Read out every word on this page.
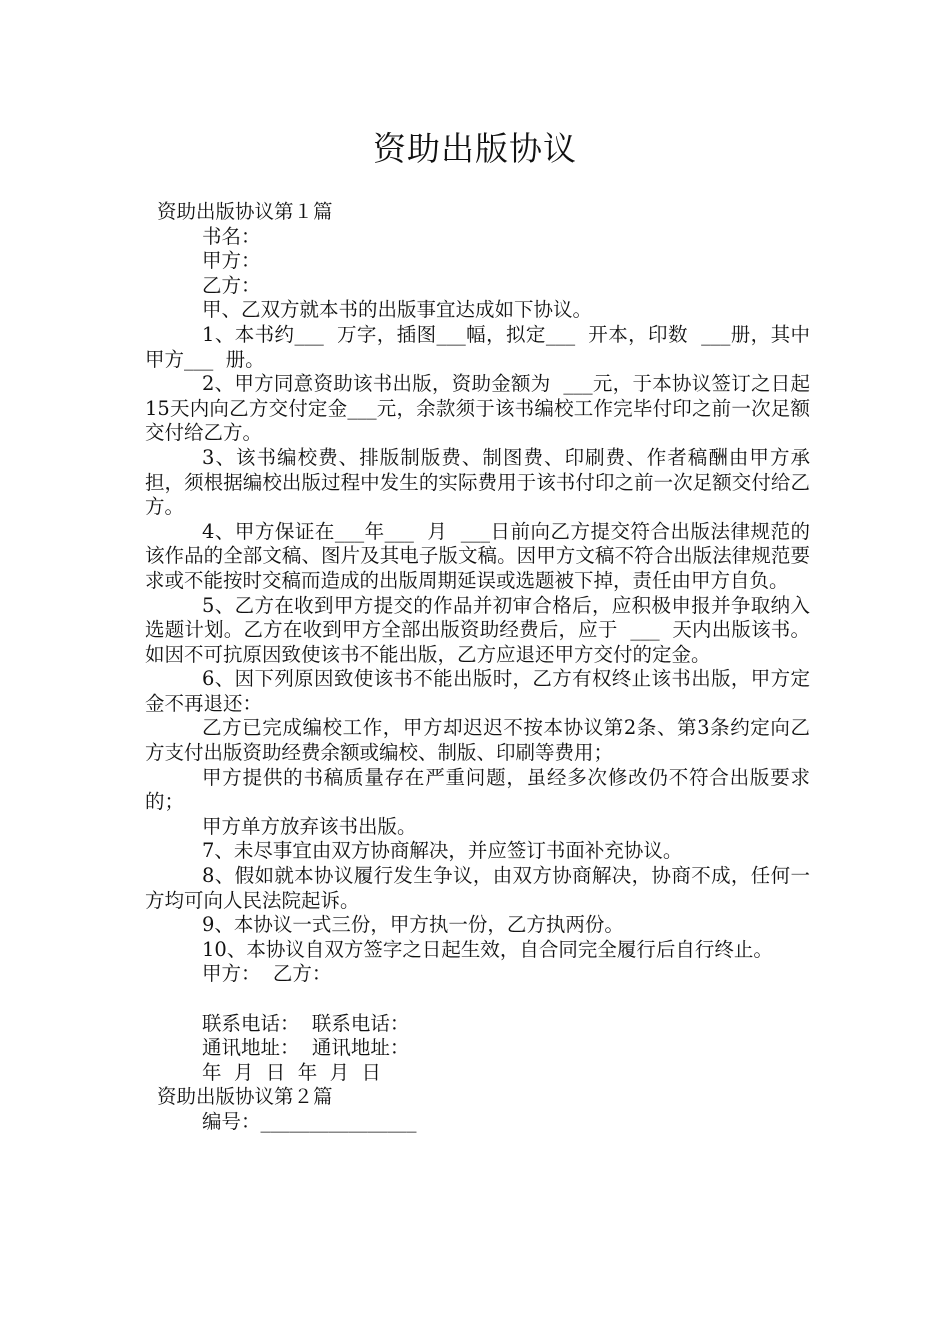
资助出版协议

资助出版协议第１篇

书名：

甲方：

乙方：

甲、乙双方就本书的出版事宜达成如下协议。

1、本书约___  万字，插图___幅，拟定___  开本，印数  ___册，其中甲方___  册。

2、甲方同意资助该书出版，资助金额为  ___元，于本协议签订之日起15天内向乙方交付定金___元，余款须于该书编校工作完毕付印之前一次足额交付给乙方。

3、该书编校费、排版制版费、制图费、印刷费、作者稿酬由甲方承担，须根据编校出版过程中发生的实际费用于该书付印之前一次足额交付给乙方。

4、甲方保证在___年___  月  ___日前向乙方提交符合出版法律规范的该作品的全部文稿、图片及其电子版文稿。因甲方文稿不符合出版法律规范要求或不能按时交稿而造成的出版周期延误或选题被下掉，责任由甲方自负。

5、乙方在收到甲方提交的作品并初审合格后，应积极申报并争取纳入选题计划。乙方在收到甲方全部出版资助经费后，应于  ___  天内出版该书。如因不可抗原因致使该书不能出版，乙方应退还甲方交付的定金。

6、因下列原因致使该书不能出版时，乙方有权终止该书出版，甲方定金不再退还：

乙方已完成编校工作，甲方却迟迟不按本协议第2条、第3条约定向乙方支付出版资助经费余额或编校、制版、印刷等费用；

甲方提供的书稿质量存在严重问题，虽经多次修改仍不符合出版要求的；

甲方单方放弃该书出版。

7、未尽事宜由双方协商解决，并应签订书面补充协议。

8、假如就本协议履行发生争议，由双方协商解决，协商不成，任何一方均可向人民法院起诉。

9、本协议一式三份，甲方执一份，乙方执两份。

10、本协议自双方签字之日起生效，自合同完全履行后自行终止。

甲方：  乙方：

联系电话：  联系电话：

通讯地址：  通讯地址：

年  月  日  年  月  日

资助出版协议第２篇

编号：________________
